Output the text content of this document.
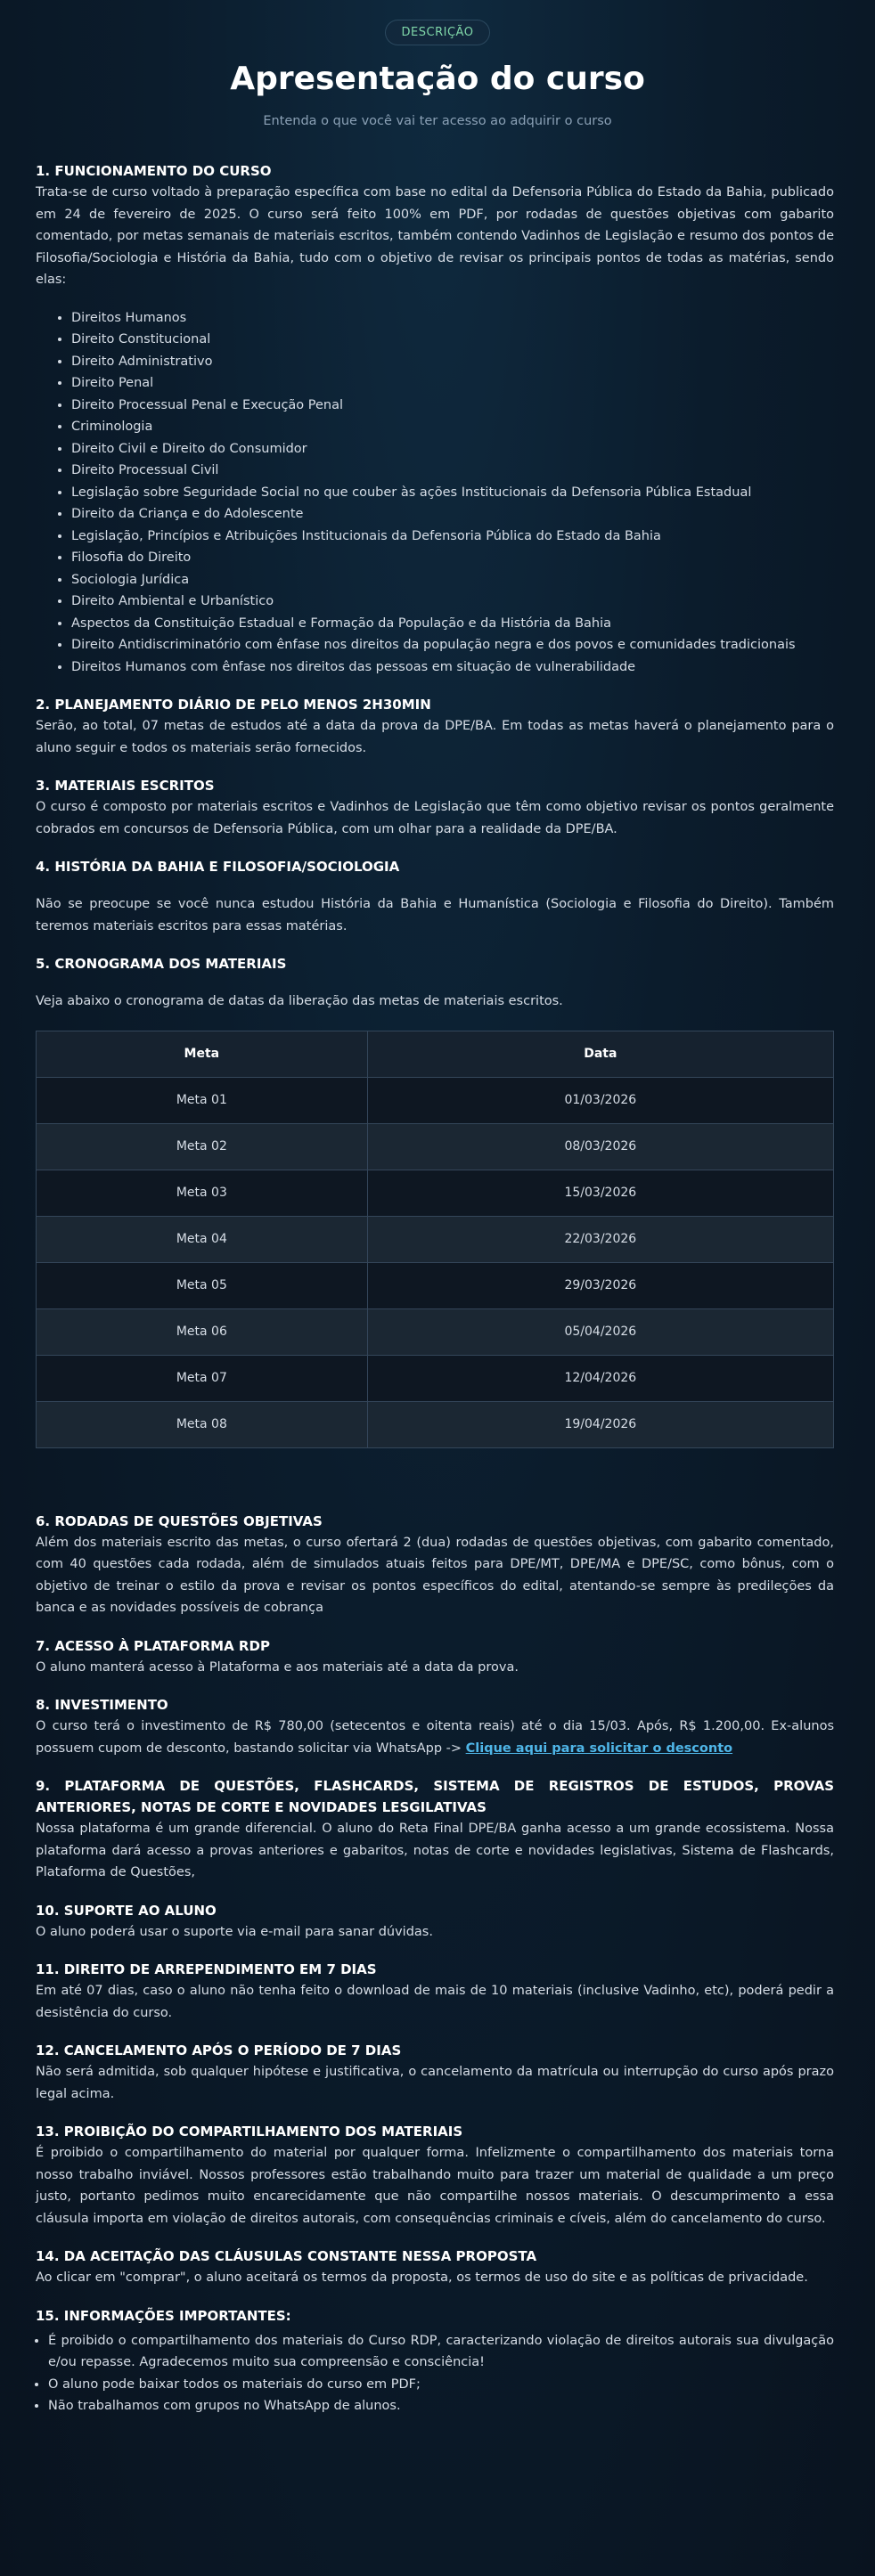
DESCRIÇÃO
Apresentação do curso
Entenda o que você vai ter acesso ao adquirir o curso

1. FUNCIONAMENTO DO CURSO

Trata-se de curso voltado à preparação específica com base no edital da Defensoria Pública do Estado da Bahia, publicado em 24 de fevereiro de 2025. O curso será feito 100% em PDF, por rodadas de questões objetivas com gabarito comentado, por metas semanais de materiais escritos, também contendo Vadinhos de Legislação e resumo dos pontos de Filosofia/Sociologia e História da Bahia, tudo com o objetivo de revisar os principais pontos de todas as matérias, sendo elas:

• Direitos Humanos
• Direito Constitucional
• Direito Administrativo
• Direito Penal
• Direito Processual Penal e Execução Penal
• Criminologia
• Direito Civil e Direito do Consumidor
• Direito Processual Civil
• Legislação sobre Seguridade Social no que couber às ações Institucionais da Defensoria Pública Estadual
• Direito da Criança e do Adolescente
• Legislação, Princípios e Atribuições Institucionais da Defensoria Pública do Estado da Bahia
• Filosofia do Direito
• Sociologia Jurídica
• Direito Ambiental e Urbanístico
• Aspectos da Constituição Estadual e Formação da População e da História da Bahia
• Direito Antidiscriminatório com ênfase nos direitos da população negra e dos povos e comunidades tradicionais
• Direitos Humanos com ênfase nos direitos das pessoas em situação de vulnerabilidade

2. PLANEJAMENTO DIÁRIO DE PELO MENOS 2H30MIN

Serão, ao total, 07 metas de estudos até a data da prova da DPE/BA. Em todas as metas haverá o planejamento para o aluno seguir e todos os materiais serão fornecidos.

3. MATERIAIS ESCRITOS

O curso é composto por materiais escritos e Vadinhos de Legislação que têm como objetivo revisar os pontos geralmente cobrados em concursos de Defensoria Pública, com um olhar para a realidade da DPE/BA.

4. HISTÓRIA DA BAHIA E FILOSOFIA/SOCIOLOGIA

Não se preocupe se você nunca estudou História da Bahia e Humanística (Sociologia e Filosofia do Direito). Também teremos materiais escritos para essas matérias.

5. CRONOGRAMA DOS MATERIAIS

Veja abaixo o cronograma de datas da liberação das metas de materiais escritos.

Meta	Data
Meta 01	01/03/2026
Meta 02	08/03/2026
Meta 03	15/03/2026
Meta 04	22/03/2026
Meta 05	29/03/2026
Meta 06	05/04/2026
Meta 07	12/04/2026
Meta 08	19/04/2026

6. RODADAS DE QUESTÕES OBJETIVAS

Além dos materiais escrito das metas, o curso ofertará 2 (dua) rodadas de questões objetivas, com gabarito comentado, com 40 questões cada rodada, além de simulados atuais feitos para DPE/MT, DPE/MA e DPE/SC, como bônus, com o objetivo de treinar o estilo da prova e revisar os pontos específicos do edital, atentando-se sempre às predileções da banca e as novidades possíveis de cobrança

7. ACESSO À PLATAFORMA RDP

O aluno manterá acesso à Plataforma e aos materiais até a data da prova.

8. INVESTIMENTO

O curso terá o investimento de R$ 780,00 (setecentos e oitenta reais) até o dia 15/03. Após, R$ 1.200,00. Ex-alunos possuem cupom de desconto, bastando solicitar via WhatsApp -> Clique aqui para solicitar o desconto

9. PLATAFORMA DE QUESTÕES, FLASHCARDS, SISTEMA DE REGISTROS DE ESTUDOS, PROVAS ANTERIORES, NOTAS DE CORTE E NOVIDADES LESGILATIVAS

Nossa plataforma é um grande diferencial. O aluno do Reta Final DPE/BA ganha acesso a um grande ecossistema. Nossa plataforma dará acesso a provas anteriores e gabaritos, notas de corte e novidades legislativas, Sistema de Flashcards, Plataforma de Questões,

10. SUPORTE AO ALUNO

O aluno poderá usar o suporte via e-mail para sanar dúvidas.

11. DIREITO DE ARREPENDIMENTO EM 7 DIAS

Em até 07 dias, caso o aluno não tenha feito o download de mais de 10 materiais (inclusive Vadinho, etc), poderá pedir a desistência do curso.

12. CANCELAMENTO APÓS O PERÍODO DE 7 DIAS

Não será admitida, sob qualquer hipótese e justificativa, o cancelamento da matrícula ou interrupção do curso após prazo legal acima.

13. PROIBIÇÃO DO COMPARTILHAMENTO DOS MATERIAIS

É proibido o compartilhamento do material por qualquer forma. Infelizmente o compartilhamento dos materiais torna nosso trabalho inviável. Nossos professores estão trabalhando muito para trazer um material de qualidade a um preço justo, portanto pedimos muito encarecidamente que não compartilhe nossos materiais. O descumprimento a essa cláusula importa em violação de direitos autorais, com consequências criminais e cíveis, além do cancelamento do curso.

14. DA ACEITAÇÃO DAS CLÁUSULAS CONSTANTE NESSA PROPOSTA

Ao clicar em "comprar", o aluno aceitará os termos da proposta, os termos de uso do site e as políticas de privacidade.

15. INFORMAÇÕES IMPORTANTES:

• É proibido o compartilhamento dos materiais do Curso RDP, caracterizando violação de direitos autorais sua divulgação e/ou repasse. Agradecemos muito sua compreensão e consciência!
• O aluno pode baixar todos os materiais do curso em PDF;
• Não trabalhamos com grupos no WhatsApp de alunos.
